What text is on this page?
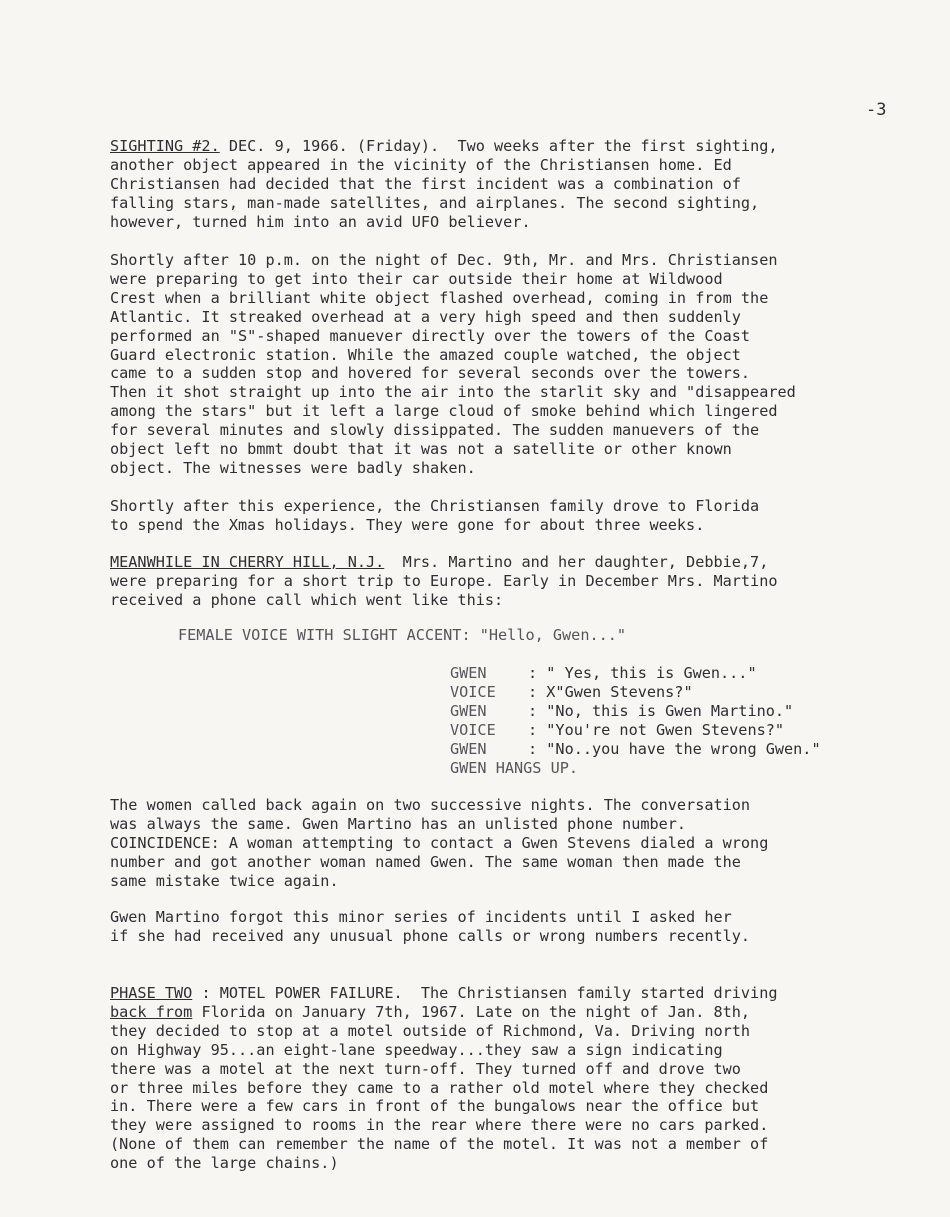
-3
SIGHTING #2. DEC. 9, 1966. (Friday).  Two weeks after the first sighting,
another object appeared in the vicinity of the Christiansen home. Ed
Christiansen had decided that the first incident was a combination of
falling stars, man-made satellites, and airplanes. The second sighting,
however, turned him into an avid UFO believer.
Shortly after 10 p.m. on the night of Dec. 9th, Mr. and Mrs. Christiansen
were preparing to get into their car outside their home at Wildwood
Crest when a brilliant white object flashed overhead, coming in from the
Atlantic. It streaked overhead at a very high speed and then suddenly
performed an "S"-shaped manuever directly over the towers of the Coast
Guard electronic station. While the amazed couple watched, the object
came to a sudden stop and hovered for several seconds over the towers.
Then it shot straight up into the air into the starlit sky and "disappeared
among the stars" but it left a large cloud of smoke behind which lingered
for several minutes and slowly dissippated. The sudden manuevers of the
object left no bmmt doubt that it was not a satellite or other known
object. The witnesses were badly shaken.
Shortly after this experience, the Christiansen family drove to Florida
to spend the Xmas holidays. They were gone for about three weeks.
MEANWHILE IN CHERRY HILL, N.J.  Mrs. Martino and her daughter, Debbie,7,
were preparing for a short trip to Europe. Early in December Mrs. Martino
received a phone call which went like this:
FEMALE VOICE WITH SLIGHT ACCENT: "Hello, Gwen..."
GWEN	: " Yes, this is Gwen..."
VOICE : X"Gwen Stevens?"
GWEN	: "No, this is Gwen Martino."
VOICE : "You're not Gwen Stevens?"
GWEN	: "No..you have the wrong Gwen."
GWEN HANGS UP.
The women called back again on two successive nights. The conversation
was always the same. Gwen Martino has an unlisted phone number.
COINCIDENCE: A woman attempting to contact a Gwen Stevens dialed a wrong
number and got another woman named Gwen. The same woman then made the
same mistake twice again.
Gwen Martino forgot this minor series of incidents until I asked her
if she had received any unusual phone calls or wrong numbers recently.
PHASE TWO : MOTEL POWER FAILURE.  The Christiansen family started driving
back from Florida on January 7th, 1967. Late on the night of Jan. 8th,
they decided to stop at a motel outside of Richmond, Va. Driving north
on Highway 95...an eight-lane speedway...they saw a sign indicating
there was a motel at the next turn-off. They turned off and drove two
or three miles before they came to a rather old motel where they checked
in. There were a few cars in front of the bungalows near the office but
they were assigned to rooms in the rear where there were no cars parked.
(None of them can remember the name of the motel. It was not a member of
one of the large chains.)
